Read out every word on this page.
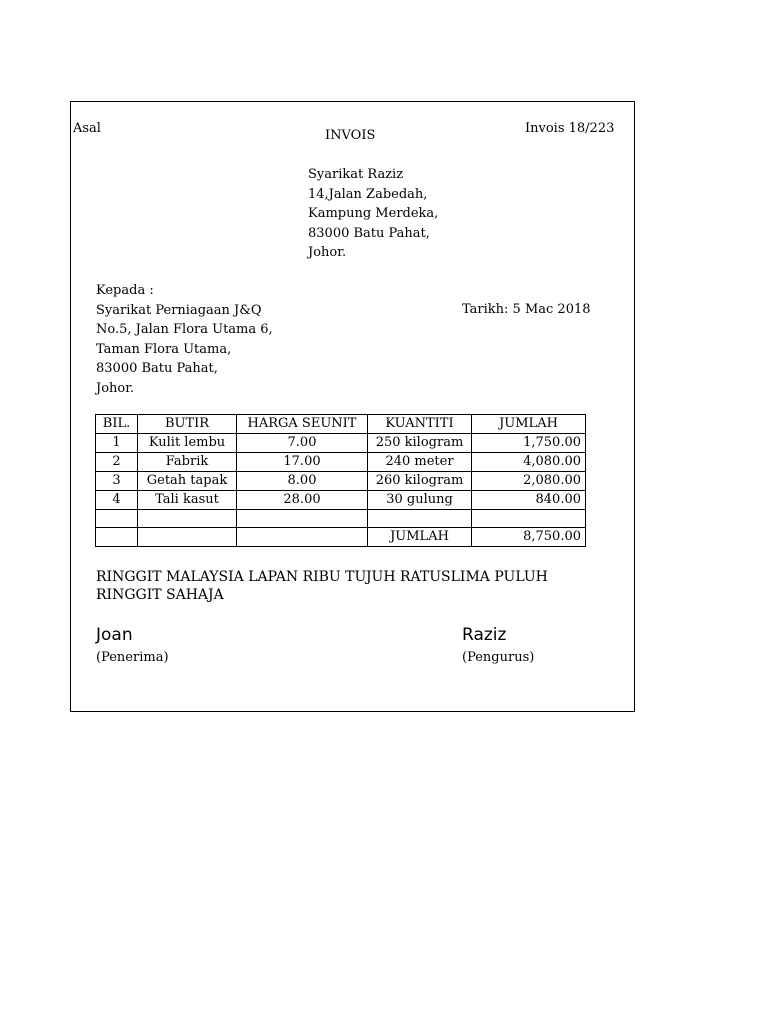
Asal	INVOIS	Invois 18/223
Syarikat Raziz
14,Jalan Zabedah,
Kampung Merdeka,
83000 Batu Pahat,
Johor.
Kepada :
Syarikat Perniagaan J&Q
No.5, Jalan Flora Utama 6,
Taman Flora Utama,
83000 Batu Pahat,
Johor.
Tarikh: 5 Mac 2018
BIL.	BUTIR	HARGA SEUNIT	KUANTITI	JUMLAH
1	Kulit lembu	7.00	250 kilogram	1,750.00
2	Fabrik	17.00	240 meter	4,080.00
3	Getah tapak	8.00	260 kilogram	2,080.00
4	Tali kasut	28.00	30 gulung	840.00

			JUMLAH	8,750.00
RINGGIT MALAYSIA LAPAN RIBU TUJUH RATUSLIMA PULUH
RINGGIT SAHAJA
Joan
(Penerima)
Raziz
(Pengurus)
